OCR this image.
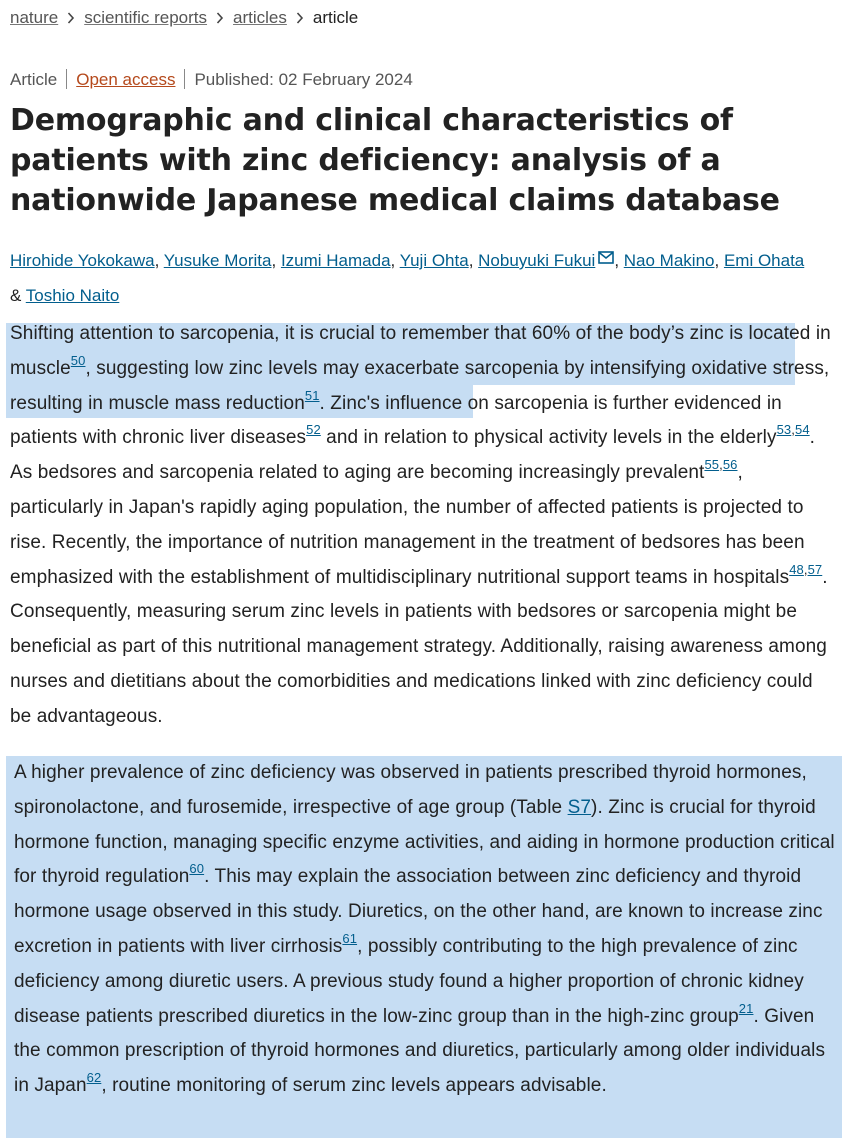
nature scientific reports articles article
Article Open access Published: 02 February 2024
Demographic and clinical characteristics of patients with zinc deficiency: analysis of a nationwide Japanese medical claims database
Hirohide Yokokawa, Yusuke Morita, Izumi Hamada, Yuji Ohta, Nobuyuki Fukui , Nao Makino, Emi Ohata
& Toshio Naito

Shifting attention to sarcopenia, it is crucial to remember that 60% of the body’s zinc is located in muscle$^{50}$, suggesting low zinc levels may exacerbate sarcopenia by intensifying oxidative stress, resulting in muscle mass reduction$^{51}$. Zinc's influence on sarcopenia is further evidenced in patients with chronic liver diseases$^{52}$ and in relation to physical activity levels in the elderly$^{53,54}$. As bedsores and sarcopenia related to aging are becoming increasingly prevalent$^{55,56}$, particularly in Japan's rapidly aging population, the number of affected patients is projected to rise. Recently, the importance of nutrition management in the treatment of bedsores has been emphasized with the establishment of multidisciplinary nutritional support teams in hospitals$^{48,57}$. Consequently, measuring serum zinc levels in patients with bedsores or sarcopenia might be beneficial as part of this nutritional management strategy. Additionally, raising awareness among nurses and dietitians about the comorbidities and medications linked with zinc deficiency could be advantageous.

A higher prevalence of zinc deficiency was observed in patients prescribed thyroid hormones, spironolactone, and furosemide, irrespective of age group (Table S7). Zinc is crucial for thyroid hormone function, managing specific enzyme activities, and aiding in hormone production critical for thyroid regulation$^{60}$. This may explain the association between zinc deficiency and thyroid hormone usage observed in this study. Diuretics, on the other hand, are known to increase zinc excretion in patients with liver cirrhosis$^{61}$, possibly contributing to the high prevalence of zinc deficiency among diuretic users. A previous study found a higher proportion of chronic kidney disease patients prescribed diuretics in the low-zinc group than in the high-zinc group$^{21}$. Given the common prescription of thyroid hormones and diuretics, particularly among older individuals in Japan$^{62}$, routine monitoring of serum zinc levels appears advisable.
